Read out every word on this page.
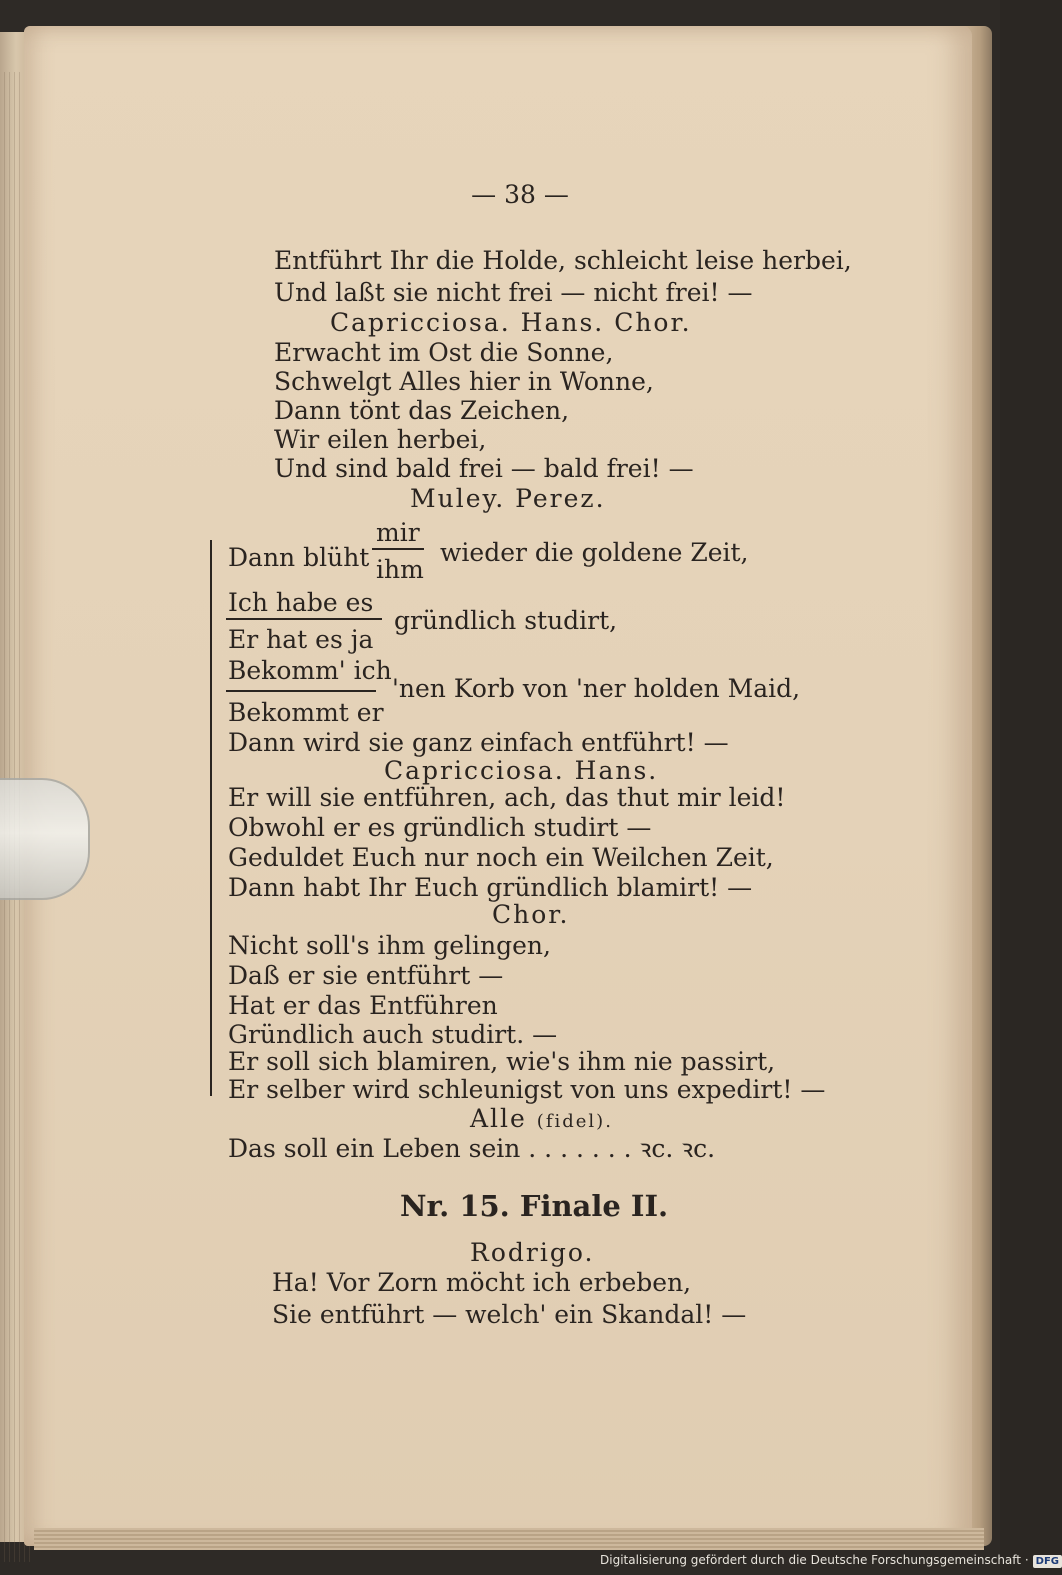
— 38 —
Entführt Ihr die Holde, schleicht leise herbei,
Und laßt sie nicht frei — nicht frei! —
Capricciosa. Hans. Chor.
Erwacht im Ost die Sonne,
Schwelgt Alles hier in Wonne,
Dann tönt das Zeichen,
Wir eilen herbei,
Und sind bald frei — bald frei! —
Muley. Perez.
Dann blüht
mir
ihm
wieder die goldene Zeit,
Ich habe es
Er hat es ja
gründlich studirt,
Bekomm' ich
Bekommt er
'nen Korb von 'ner holden Maid,
Dann wird sie ganz einfach entführt! —
Capricciosa. Hans.
Er will sie entführen, ach, das thut mir leid!
Obwohl er es gründlich studirt —
Geduldet Euch nur noch ein Weilchen Zeit,
Dann habt Ihr Euch gründlich blamirt! —
Chor.
Nicht soll's ihm gelingen,
Daß er sie entführt —
Hat er das Entführen
Gründlich auch studirt. —
Er soll sich blamiren, wie's ihm nie passirt,
Er selber wird schleunigst von uns expedirt! —
Alle (fidel).
Das soll ein Leben sein . . . . . . . ꝛc. ꝛc.
Nr. 15. Finale II.
Rodrigo.
Ha! Vor Zorn möcht ich erbeben,
Sie entführt — welch' ein Skandal! —
Digitalisierung gefördert durch die Deutsche Forschungsgemeinschaft · DFG
